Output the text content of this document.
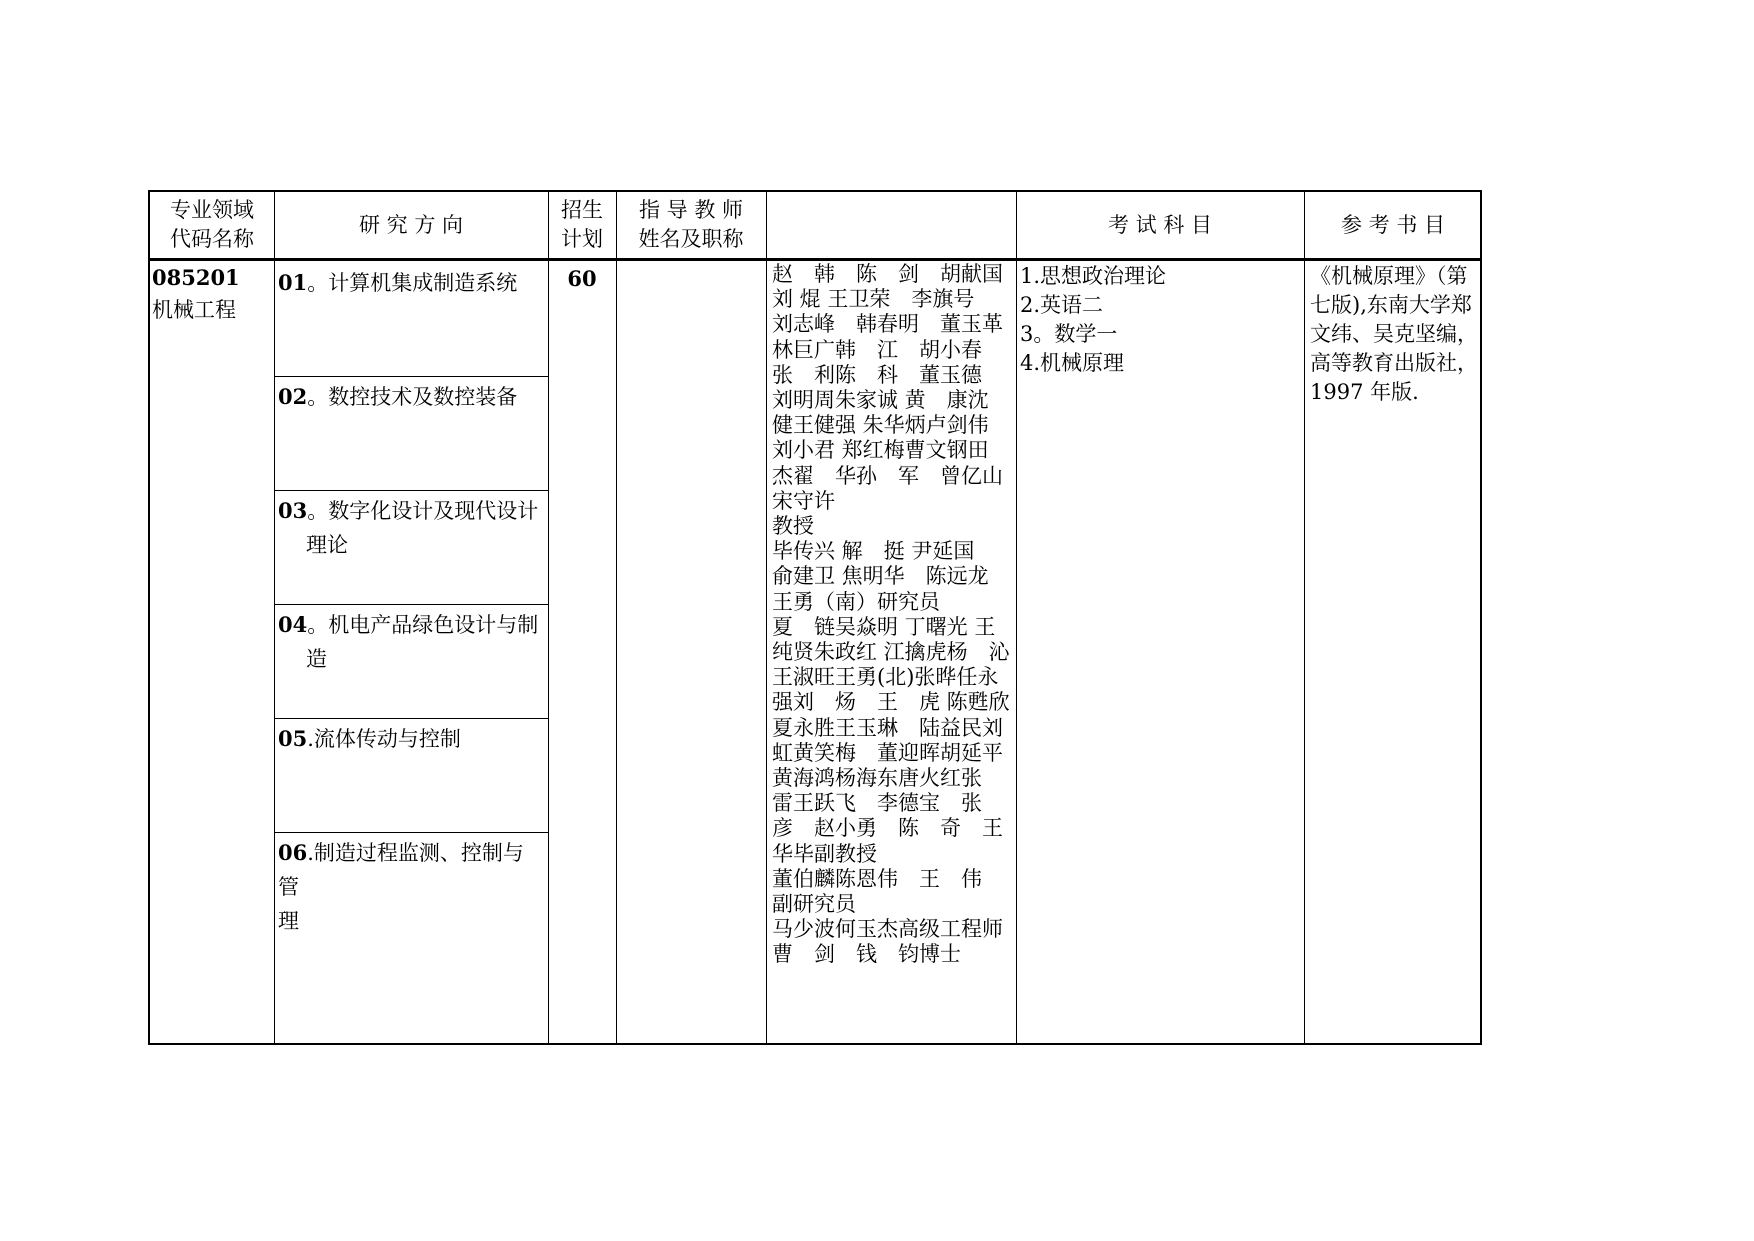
专业领域
代码名称
研 究 方 向
招生
计划
指 导 教 师
姓名及职称
考 试 科 目	参 考 书 目
085201
机械工程
01。计算机集成制造系统
02。数控技术及数控装备
03。数字化设计及现代设计
理论
04。机电产品绿色设计与制
造
05.流体传动与控制
06.制造过程监测、控制与管
理
60	赵　韩　陈　剑　胡献国
刘 焜 王卫荣　李旗号
刘志峰　韩春明　董玉革
林巨广韩　江　胡小春
张　利陈　科　董玉德
刘明周朱家诚 黄　康沈
健王健强 朱华炳卢剑伟
刘小君 郑红梅曹文钢田
杰翟　华孙　军　曾亿山
宋守许
教授
毕传兴 解　挺 尹延国
俞建卫 焦明华　陈远龙
王勇（南）研究员
夏　链吴焱明 丁曙光 王
纯贤朱政红 江擒虎杨　沁
王淑旺王勇(北)张晔任永
强刘　炀　王　虎 陈甦欣
夏永胜王玉琳　陆益民刘
虹黄笑梅　董迎晖胡延平
黄海鸿杨海东唐火红张
雷王跃飞　李德宝　张
彦　赵小勇　陈　奇　王
华毕副教授
董伯麟陈恩伟　王　伟
副研究员
马少波何玉杰高级工程师
曹　剑　钱　钧博士
1.思想政治理论
2.英语二
3。数学一
4.机械原理
《机械原理》（第七版),东南大学郑文纬、吴克坚编，高等教育出版社，1997 年版.
